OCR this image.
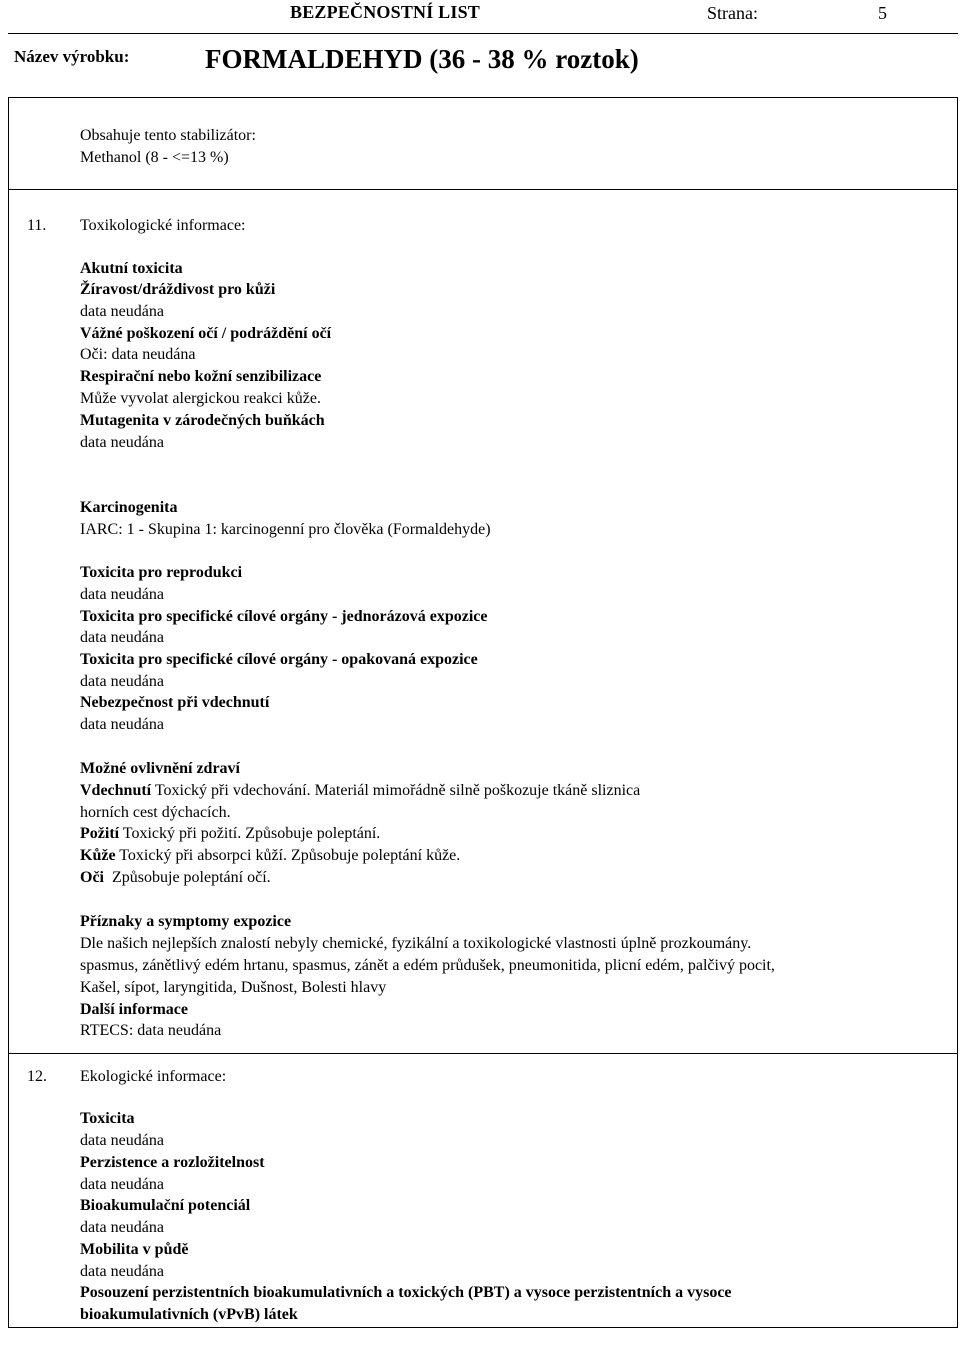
BEZPEČNOSTNÍ LIST	Strana:	5
Název výrobku:	FORMALDEHYD (36 - 38 % roztok)
Obsahuje tento stabilizátor:
Methanol (8 - <=13 %)
11. Toxikologické informace:
Akutní toxicita
Žíravost/dráždivost pro kůži
data neudána
Vážné poškození očí / podráždění očí
Oči: data neudána
Respirační nebo kožní senzibilizace
Může vyvolat alergickou reakci kůže.
Mutagenita v zárodečných buňkách
data neudána
Karcinogenita
IARC: 1 - Skupina 1: karcinogenní pro člověka (Formaldehyde)
Toxicita pro reprodukci
data neudána
Toxicita pro specifické cílové orgány - jednorázová expozice
data neudána
Toxicita pro specifické cílové orgány - opakovaná expozice
data neudána
Nebezpečnost při vdechnutí
data neudána
Možné ovlivnění zdraví
Vdechnutí Toxický při vdechování. Materiál mimořádně silně poškozuje tkáně sliznica
horních cest dýchacích.
Požití Toxický při požití. Způsobuje poleptání.
Kůže Toxický při absorpci kůží. Způsobuje poleptání kůže.
Oči  Způsobuje poleptání očí.
Příznaky a symptomy expozice
Dle našich nejlepších znalostí nebyly chemické, fyzikální a toxikologické vlastnosti úplně prozkoumány.
spasmus, zánětlivý edém hrtanu, spasmus, zánět a edém průdušek, pneumonitida, plicní edém, palčivý pocit,
Kašel, sípot, laryngitida, Dušnost, Bolesti hlavy
Další informace
RTECS: data neudána
12. Ekologické informace:
Toxicita
data neudána
Perzistence a rozložitelnost
data neudána
Bioakumulační potenciál
data neudána
Mobilita v půdě
data neudána
Posouzení perzistentních bioakumulativních a toxických (PBT) a vysoce perzistentních a vysoce
bioakumulativních (vPvB) látek
